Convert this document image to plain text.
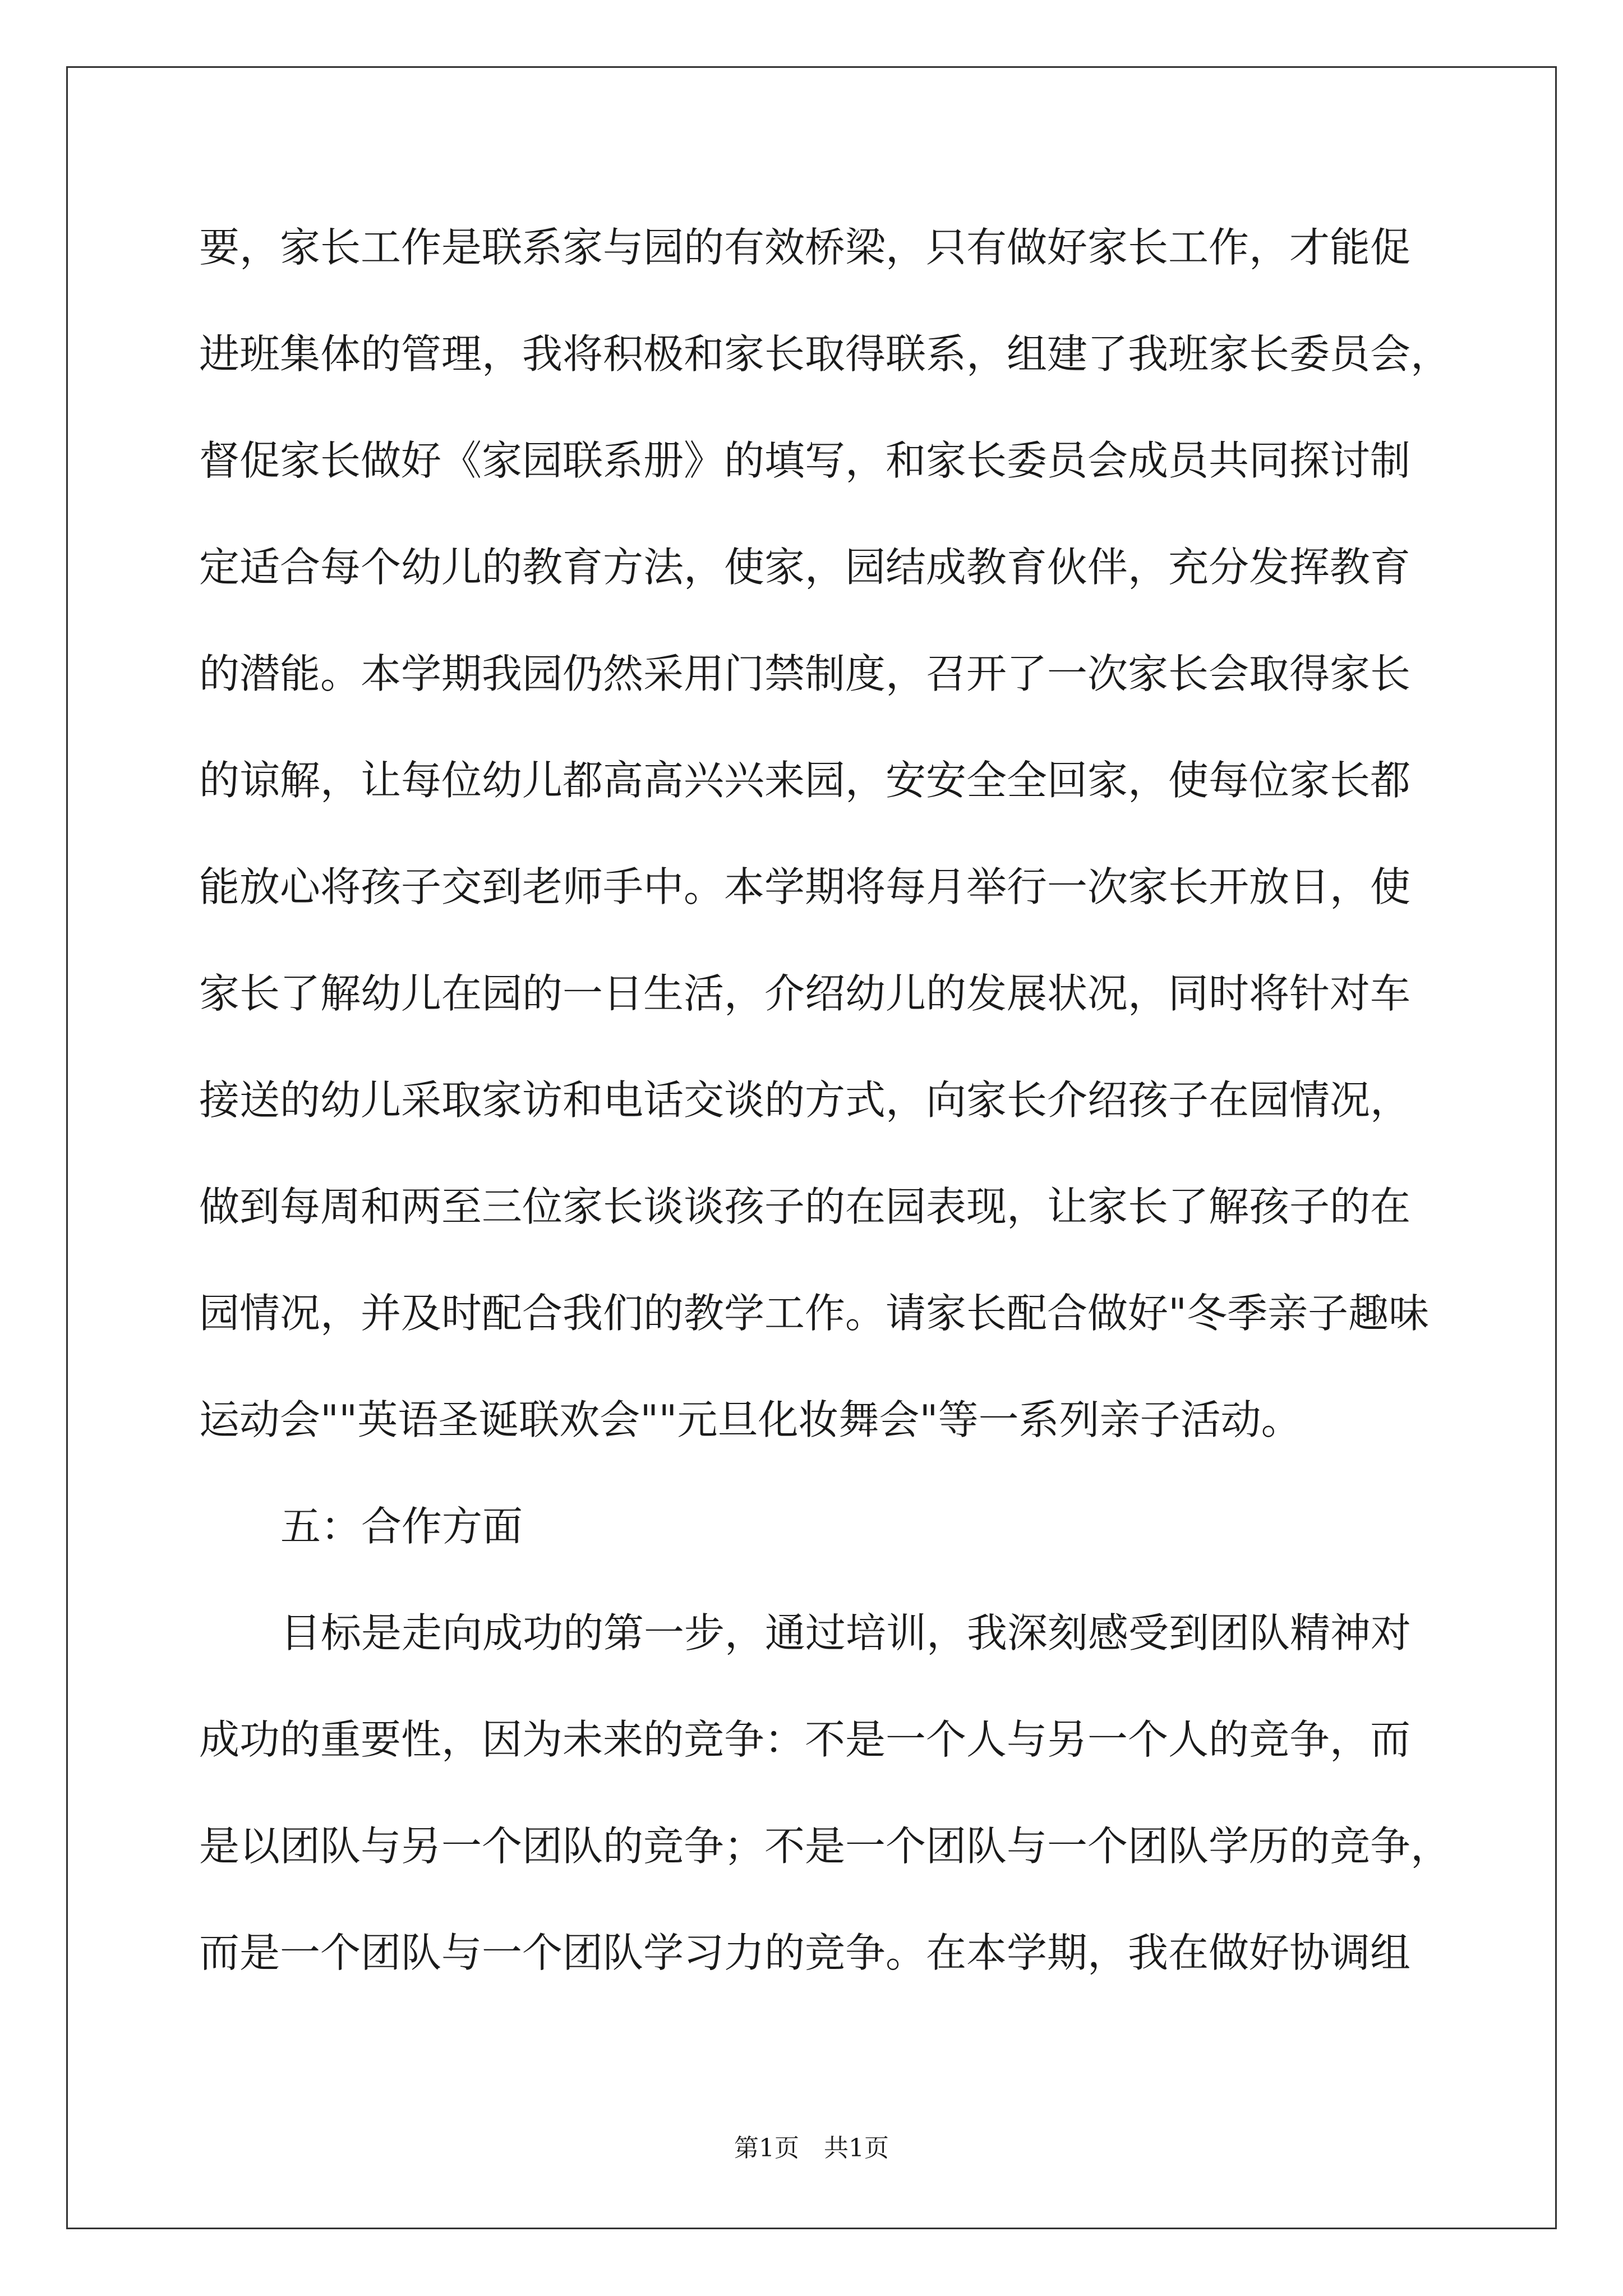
要，家长工作是联系家与园的有效桥梁，只有做好家长工作，才能促
进班集体的管理，我将积极和家长取得联系，组建了我班家长委员会，
督促家长做好《家园联系册》的填写，和家长委员会成员共同探讨制
定适合每个幼儿的教育方法，使家，园结成教育伙伴，充分发挥教育
的潜能。本学期我园仍然采用门禁制度，召开了一次家长会取得家长
的谅解，让每位幼儿都高高兴兴来园，安安全全回家，使每位家长都
能放心将孩子交到老师手中。本学期将每月举行一次家长开放日，使
家长了解幼儿在园的一日生活，介绍幼儿的发展状况，同时将针对车
接送的幼儿采取家访和电话交谈的方式，向家长介绍孩子在园情况，
做到每周和两至三位家长谈谈孩子的在园表现，让家长了解孩子的在
园情况，并及时配合我们的教学工作。请家长配合做好"冬季亲子趣味
运动会""英语圣诞联欢会""元旦化妆舞会"等一系列亲子活动。
五：合作方面
目标是走向成功的第一步，通过培训，我深刻感受到团队精神对
成功的重要性，因为未来的竞争：不是一个人与另一个人的竞争，而
是以团队与另一个团队的竞争；不是一个团队与一个团队学历的竞争，
而是一个团队与一个团队学习力的竞争。在本学期，我在做好协调组
第1页　共1页
